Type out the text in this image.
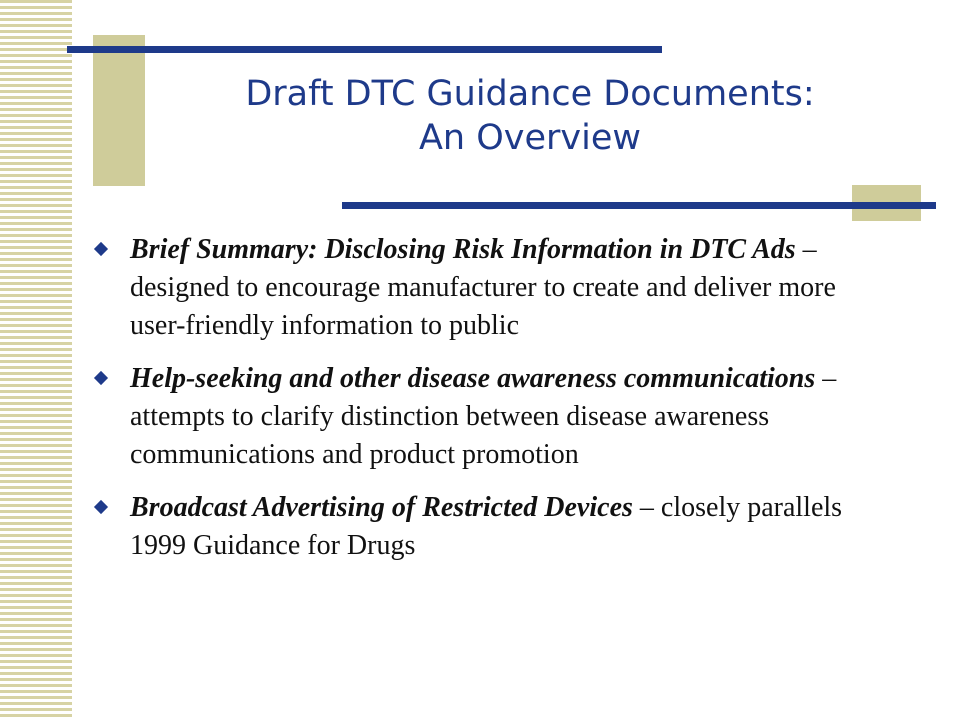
Draft DTC Guidance Documents:
An Overview
Brief Summary: Disclosing Risk Information in DTC Ads – designed to encourage manufacturer to create and deliver more user-friendly information to public
Help-seeking and other disease awareness communications – attempts to clarify distinction between disease awareness communications and product promotion
Broadcast Advertising of Restricted Devices – closely parallels 1999 Guidance for Drugs
